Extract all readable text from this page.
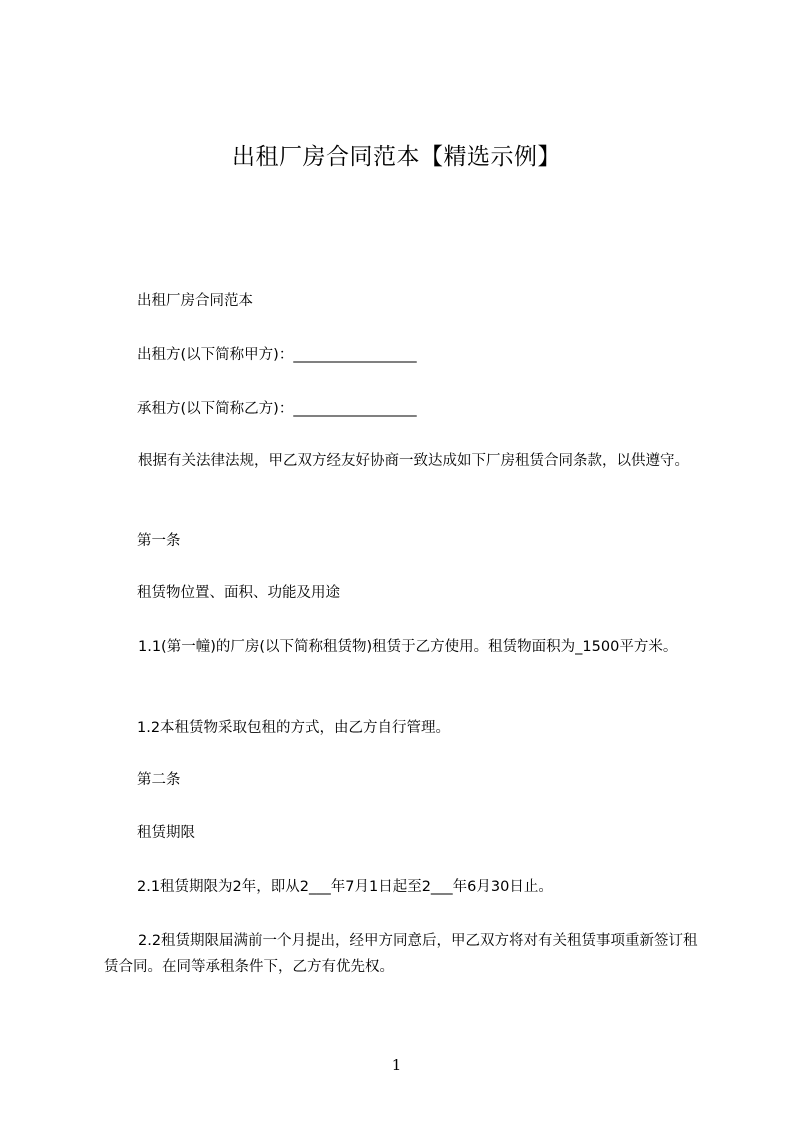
出租厂房合同范本【精选示例】
出租厂房合同范本
出租方(以下简称甲方)：_________________
承租方(以下简称乙方)：_________________
根据有关法律法规，甲乙双方经友好协商一致达成如下厂房租赁合同条款，以供遵守。
第一条
租赁物位置、面积、功能及用途
1.1(第一幢)的厂房(以下简称租赁物)租赁于乙方使用。租赁物面积为_1500平方米。
1.2本租赁物采取包租的方式，由乙方自行管理。
第二条
租赁期限
2.1租赁期限为2年，即从2___年7月1日起至2___年6月30日止。
2.2租赁期限届满前一个月提出，经甲方同意后，甲乙双方将对有关租赁事项重新签订租赁合同。在同等承租条件下，乙方有优先权。
1
